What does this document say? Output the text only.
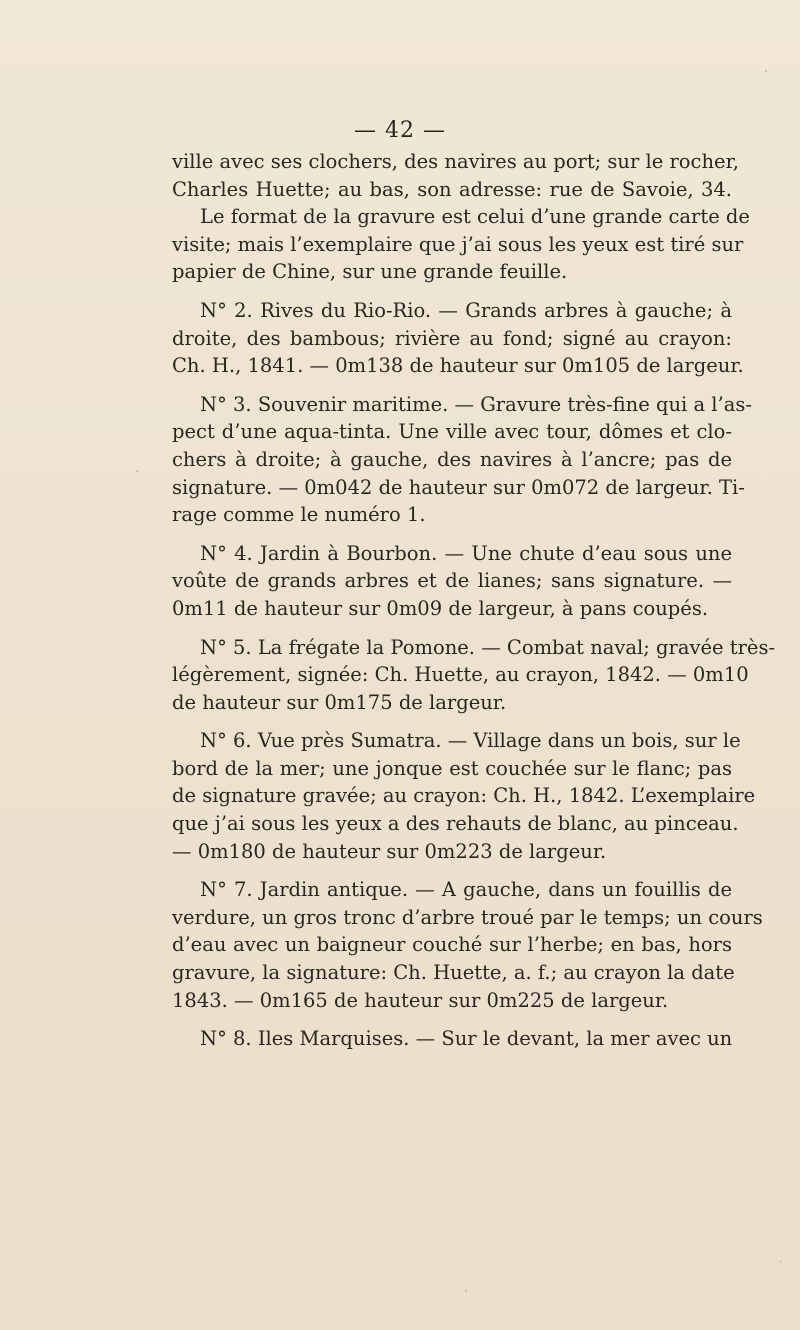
— 42 —
ville avec ses clochers, des navires au port; sur le rocher,
Charles Huette; au bas, son adresse: rue de Savoie, 34.
Le format de la gravure est celui d’une grande carte de
visite; mais l’exemplaire que j’ai sous les yeux est tiré sur
papier de Chine, sur une grande feuille.
N° 2. Rives du Rio-Rio. — Grands arbres à gauche; à
droite, des bambous; rivière au fond; signé au crayon:
Ch. H., 1841. — 0m138 de hauteur sur 0m105 de largeur.
N° 3. Souvenir maritime. — Gravure très-fine qui a l’as-
pect d’une aqua-tinta. Une ville avec tour, dômes et clo-
chers à droite; à gauche, des navires à l’ancre; pas de
signature. — 0m042 de hauteur sur 0m072 de largeur. Ti-
rage comme le numéro 1.
N° 4. Jardin à Bourbon. — Une chute d’eau sous une
voûte de grands arbres et de lianes; sans signature. —
0m11 de hauteur sur 0m09 de largeur, à pans coupés.
N° 5. La frégate la Pomone. — Combat naval; gravée très-
légèrement, signée: Ch. Huette, au crayon, 1842. — 0m10
de hauteur sur 0m175 de largeur.
N° 6. Vue près Sumatra. — Village dans un bois, sur le
bord de la mer; une jonque est couchée sur le flanc; pas
de signature gravée; au crayon: Ch. H., 1842. L’exemplaire
que j’ai sous les yeux a des rehauts de blanc, au pinceau.
— 0m180 de hauteur sur 0m223 de largeur.
N° 7. Jardin antique. — A gauche, dans un fouillis de
verdure, un gros tronc d’arbre troué par le temps; un cours
d’eau avec un baigneur couché sur l’herbe; en bas, hors
gravure, la signature: Ch. Huette, a. f.; au crayon la date
1843. — 0m165 de hauteur sur 0m225 de largeur.
N° 8. Iles Marquises. — Sur le devant, la mer avec un
